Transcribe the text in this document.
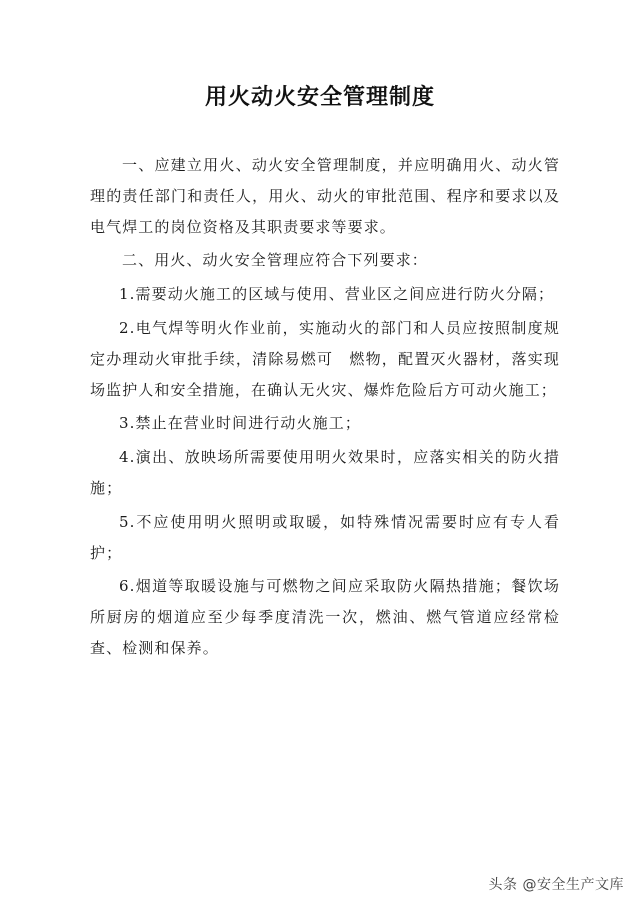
用火动火安全管理制度

一、应建立用火、动火安全管理制度，并应明确用火、动火管理的责任部门和责任人，用火、动火的审批范围、程序和要求以及电气焊工的岗位资格及其职责要求等要求。

二、用火、动火安全管理应符合下列要求：

1.需要动火施工的区域与使用、营业区之间应进行防火分隔；

2.电气焊等明火作业前，实施动火的部门和人员应按照制度规定办理动火审批手续，清除易燃可　燃物，配置灭火器材，落实现场监护人和安全措施，在确认无火灾、爆炸危险后方可动火施工；

3.禁止在营业时间进行动火施工；

4.演出、放映场所需要使用明火效果时，应落实相关的防火措施；

5.不应使用明火照明或取暖，如特殊情况需要时应有专人看护；

6.烟道等取暖设施与可燃物之间应采取防火隔热措施；餐饮场所厨房的烟道应至少每季度清洗一次，燃油、燃气管道应经常检查、检测和保养。

头条 @安全生产文库
